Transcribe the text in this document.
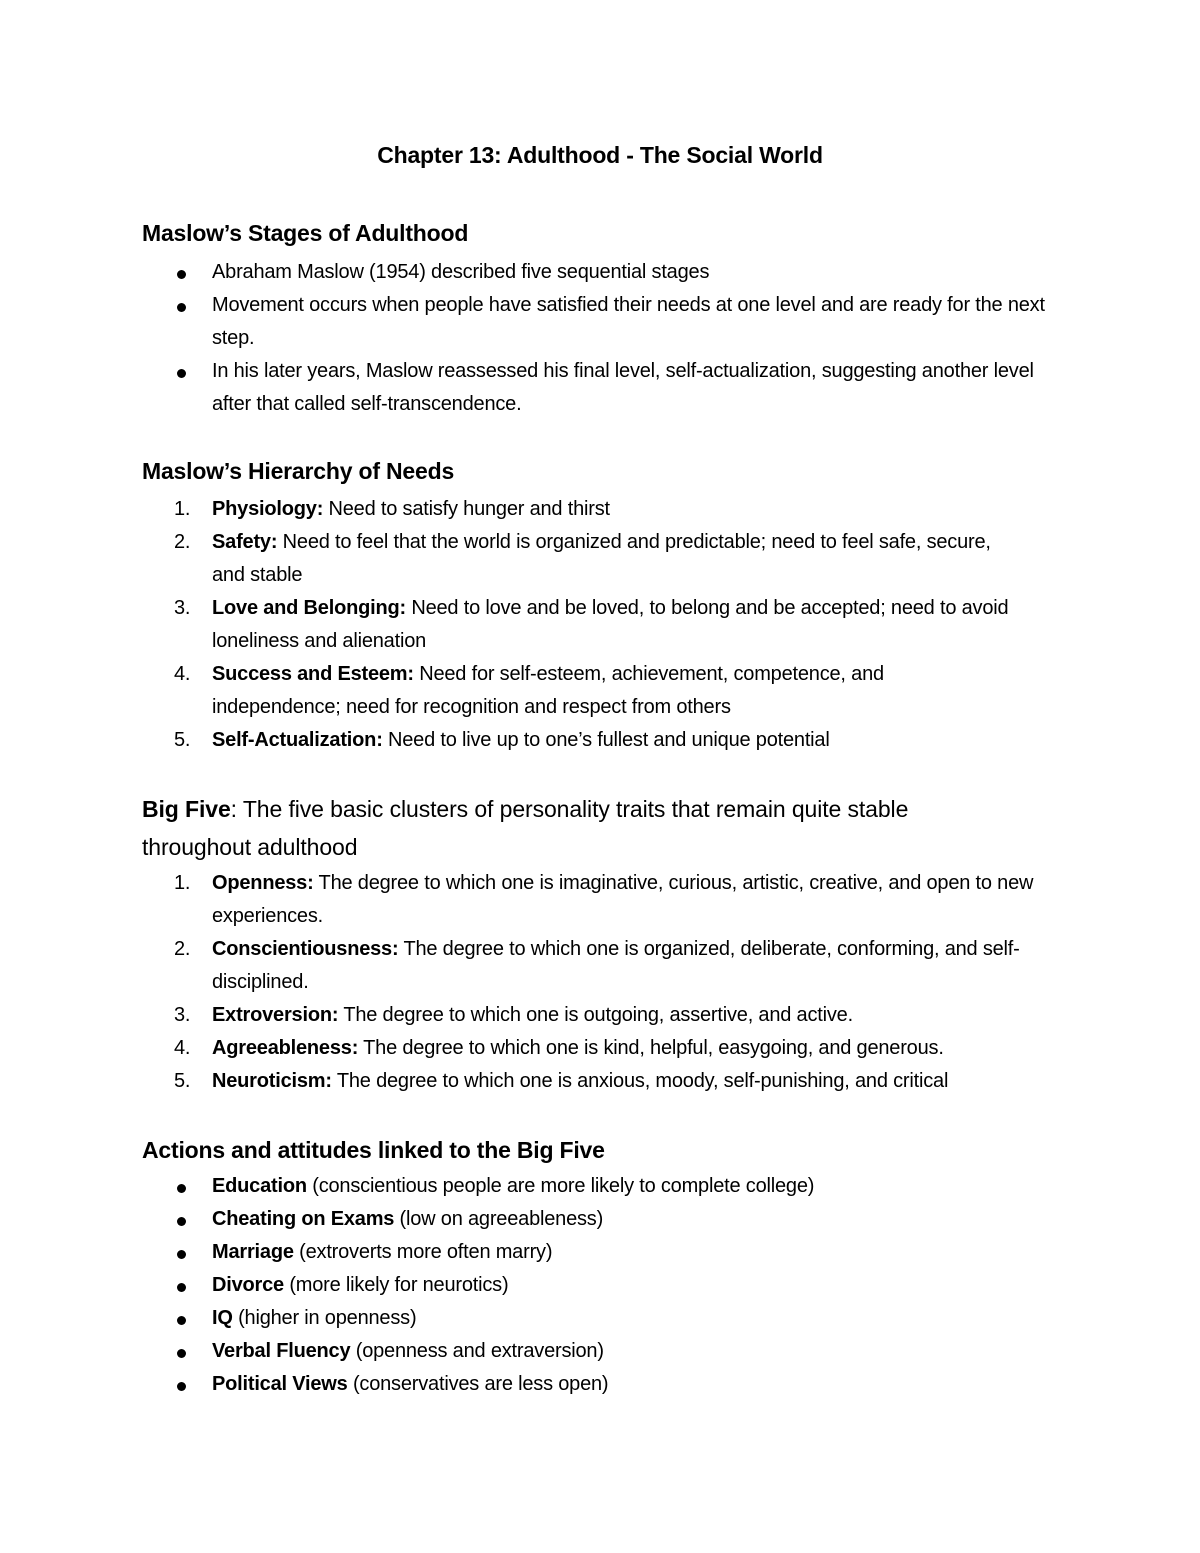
Chapter 13: Adulthood - The Social World
Maslow’s Stages of Adulthood
Abraham Maslow (1954) described five sequential stages
Movement occurs when people have satisfied their needs at one level and are ready for the next step.
In his later years, Maslow reassessed his final level, self-actualization, suggesting another level after that called self-transcendence.
Maslow’s Hierarchy of Needs
1. Physiology: Need to satisfy hunger and thirst
2. Safety: Need to feel that the world is organized and predictable; need to feel safe, secure, and stable
3. Love and Belonging: Need to love and be loved, to belong and be accepted; need to avoid loneliness and alienation
4. Success and Esteem: Need for self-esteem, achievement, competence, and independence; need for recognition and respect from others
5. Self-Actualization: Need to live up to one’s fullest and unique potential
Big Five: The five basic clusters of personality traits that remain quite stable throughout adulthood
1. Openness: The degree to which one is imaginative, curious, artistic, creative, and open to new experiences.
2. Conscientiousness: The degree to which one is organized, deliberate, conforming, and self-disciplined.
3. Extroversion: The degree to which one is outgoing, assertive, and active.
4. Agreeableness: The degree to which one is kind, helpful, easygoing, and generous.
5. Neuroticism: The degree to which one is anxious, moody, self-punishing, and critical
Actions and attitudes linked to the Big Five
Education (conscientious people are more likely to complete college)
Cheating on Exams (low on agreeableness)
Marriage (extroverts more often marry)
Divorce (more likely for neurotics)
IQ (higher in openness)
Verbal Fluency (openness and extraversion)
Political Views (conservatives are less open)
